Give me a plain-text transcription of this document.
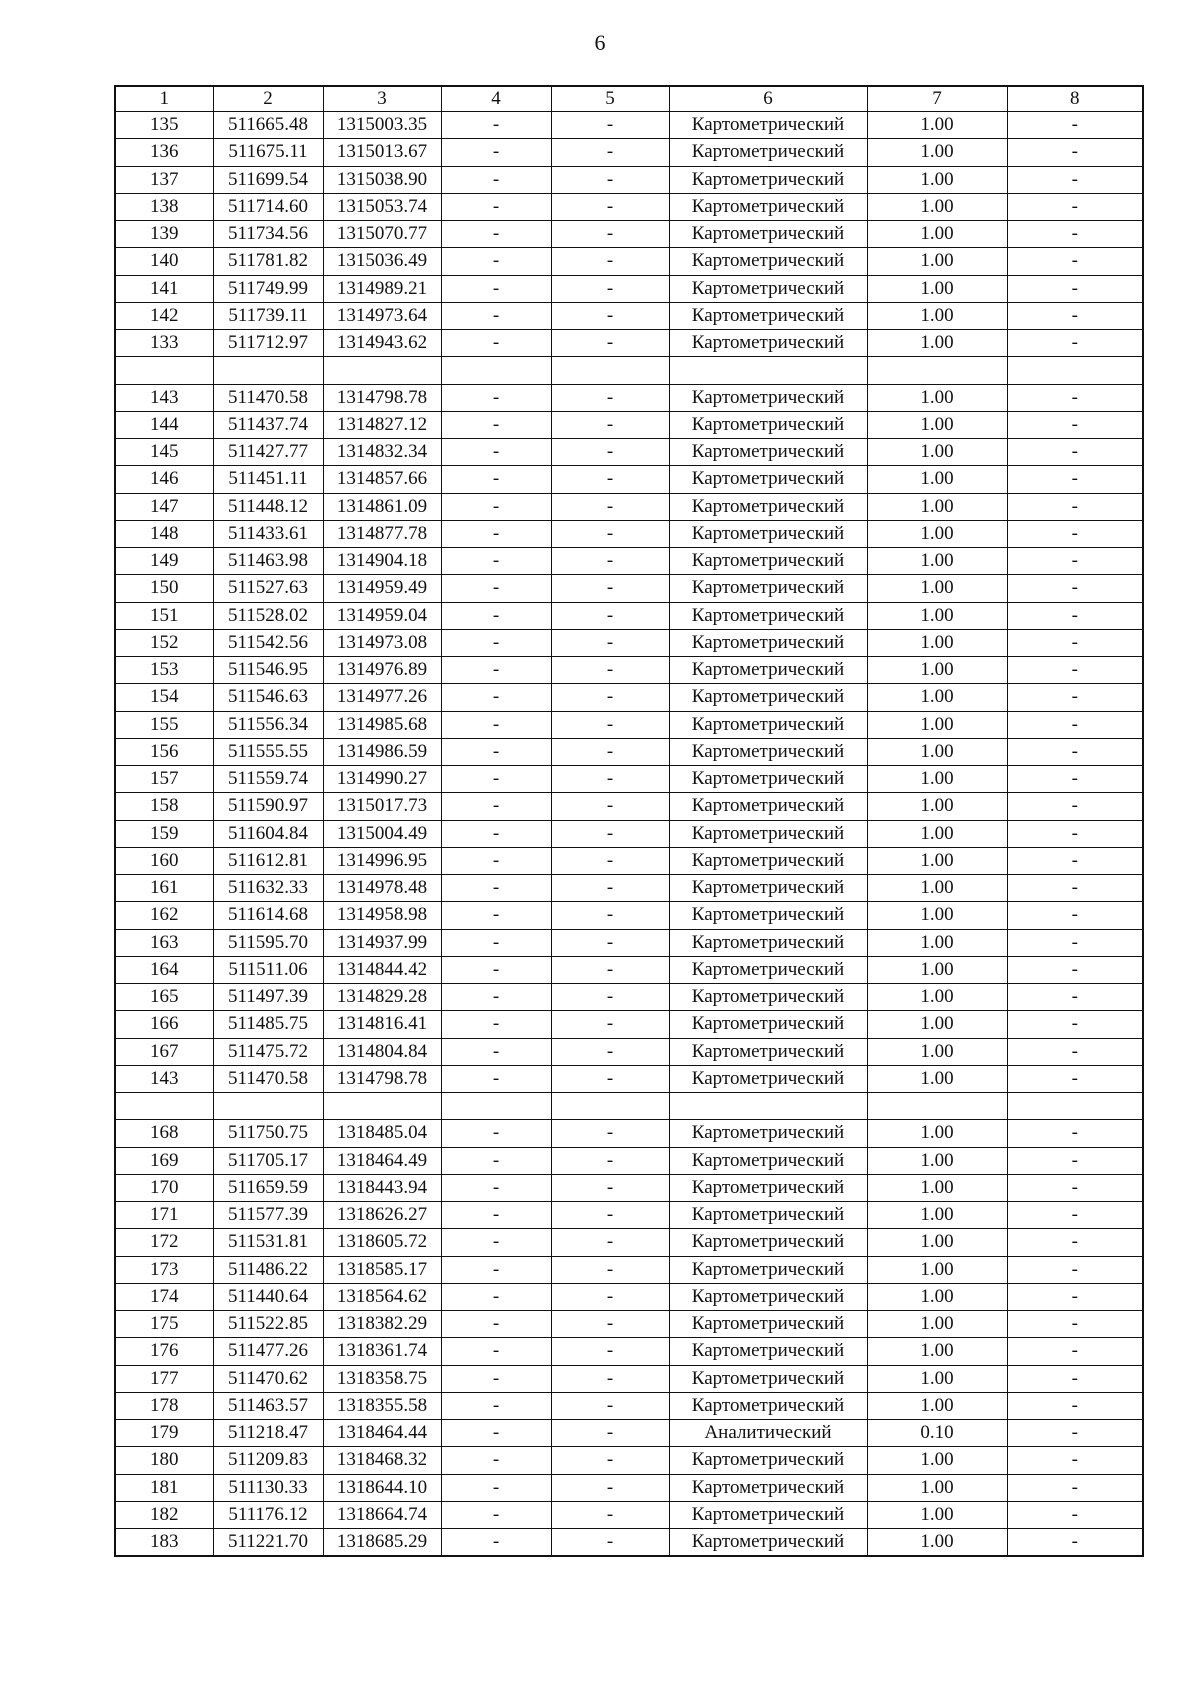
6
1	2	3	4	5	6	7	8
135	511665.48	1315003.35	-	-	Картометрический	1.00	-
136	511675.11	1315013.67	-	-	Картометрический	1.00	-
137	511699.54	1315038.90	-	-	Картометрический	1.00	-
138	511714.60	1315053.74	-	-	Картометрический	1.00	-
139	511734.56	1315070.77	-	-	Картометрический	1.00	-
140	511781.82	1315036.49	-	-	Картометрический	1.00	-
141	511749.99	1314989.21	-	-	Картометрический	1.00	-
142	511739.11	1314973.64	-	-	Картометрический	1.00	-
133	511712.97	1314943.62	-	-	Картометрический	1.00	-

143	511470.58	1314798.78	-	-	Картометрический	1.00	-
144	511437.74	1314827.12	-	-	Картометрический	1.00	-
145	511427.77	1314832.34	-	-	Картометрический	1.00	-
146	511451.11	1314857.66	-	-	Картометрический	1.00	-
147	511448.12	1314861.09	-	-	Картометрический	1.00	-
148	511433.61	1314877.78	-	-	Картометрический	1.00	-
149	511463.98	1314904.18	-	-	Картометрический	1.00	-
150	511527.63	1314959.49	-	-	Картометрический	1.00	-
151	511528.02	1314959.04	-	-	Картометрический	1.00	-
152	511542.56	1314973.08	-	-	Картометрический	1.00	-
153	511546.95	1314976.89	-	-	Картометрический	1.00	-
154	511546.63	1314977.26	-	-	Картометрический	1.00	-
155	511556.34	1314985.68	-	-	Картометрический	1.00	-
156	511555.55	1314986.59	-	-	Картометрический	1.00	-
157	511559.74	1314990.27	-	-	Картометрический	1.00	-
158	511590.97	1315017.73	-	-	Картометрический	1.00	-
159	511604.84	1315004.49	-	-	Картометрический	1.00	-
160	511612.81	1314996.95	-	-	Картометрический	1.00	-
161	511632.33	1314978.48	-	-	Картометрический	1.00	-
162	511614.68	1314958.98	-	-	Картометрический	1.00	-
163	511595.70	1314937.99	-	-	Картометрический	1.00	-
164	511511.06	1314844.42	-	-	Картометрический	1.00	-
165	511497.39	1314829.28	-	-	Картометрический	1.00	-
166	511485.75	1314816.41	-	-	Картометрический	1.00	-
167	511475.72	1314804.84	-	-	Картометрический	1.00	-
143	511470.58	1314798.78	-	-	Картометрический	1.00	-

168	511750.75	1318485.04	-	-	Картометрический	1.00	-
169	511705.17	1318464.49	-	-	Картометрический	1.00	-
170	511659.59	1318443.94	-	-	Картометрический	1.00	-
171	511577.39	1318626.27	-	-	Картометрический	1.00	-
172	511531.81	1318605.72	-	-	Картометрический	1.00	-
173	511486.22	1318585.17	-	-	Картометрический	1.00	-
174	511440.64	1318564.62	-	-	Картометрический	1.00	-
175	511522.85	1318382.29	-	-	Картометрический	1.00	-
176	511477.26	1318361.74	-	-	Картометрический	1.00	-
177	511470.62	1318358.75	-	-	Картометрический	1.00	-
178	511463.57	1318355.58	-	-	Картометрический	1.00	-
179	511218.47	1318464.44	-	-	Аналитический	0.10	-
180	511209.83	1318468.32	-	-	Картометрический	1.00	-
181	511130.33	1318644.10	-	-	Картометрический	1.00	-
182	511176.12	1318664.74	-	-	Картометрический	1.00	-
183	511221.70	1318685.29	-	-	Картометрический	1.00	-
